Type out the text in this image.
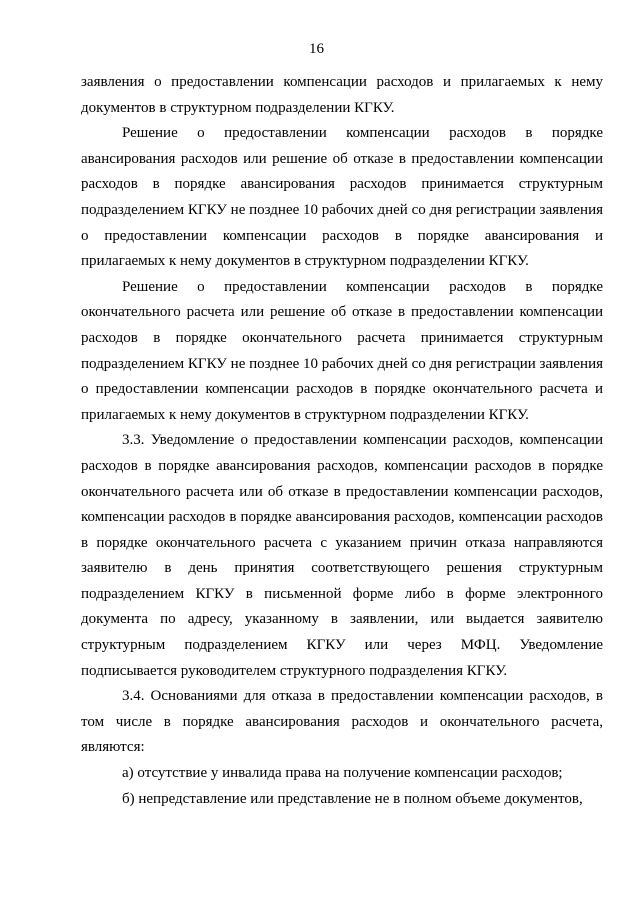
16

заявления о предоставлении компенсации расходов и прилагаемых к нему документов в структурном подразделении КГКУ.

Решение о предоставлении компенсации расходов в порядке авансирования расходов или решение об отказе в предоставлении компенсации расходов в порядке авансирования расходов принимается структурным подразделением КГКУ не позднее 10 рабочих дней со дня регистрации заявления о предоставлении компенсации расходов в порядке авансирования и прилагаемых к нему документов в структурном подразделении КГКУ.

Решение о предоставлении компенсации расходов в порядке окончательного расчета или решение об отказе в предоставлении компенсации расходов в порядке окончательного расчета принимается структурным подразделением КГКУ не позднее 10 рабочих дней со дня регистрации заявления о предоставлении компенсации расходов в порядке окончательного расчета и прилагаемых к нему документов в структурном подразделении КГКУ.

3.3. Уведомление о предоставлении компенсации расходов, компенсации расходов в порядке авансирования расходов, компенсации расходов в порядке окончательного расчета или об отказе в предоставлении компенсации расходов, компенсации расходов в порядке авансирования расходов, компенсации расходов в порядке окончательного расчета с указанием причин отказа направляются заявителю в день принятия соответствующего решения структурным подразделением КГКУ в письменной форме либо в форме электронного документа по адресу, указанному в заявлении, или выдается заявителю структурным подразделением КГКУ или через МФЦ. Уведомление подписывается руководителем структурного подразделения КГКУ.

3.4. Основаниями для отказа в предоставлении компенсации расходов, в том числе в порядке авансирования расходов и окончательного расчета, являются:

а) отсутствие у инвалида права на получение компенсации расходов;

б) непредставление или представление не в полном объеме документов,
